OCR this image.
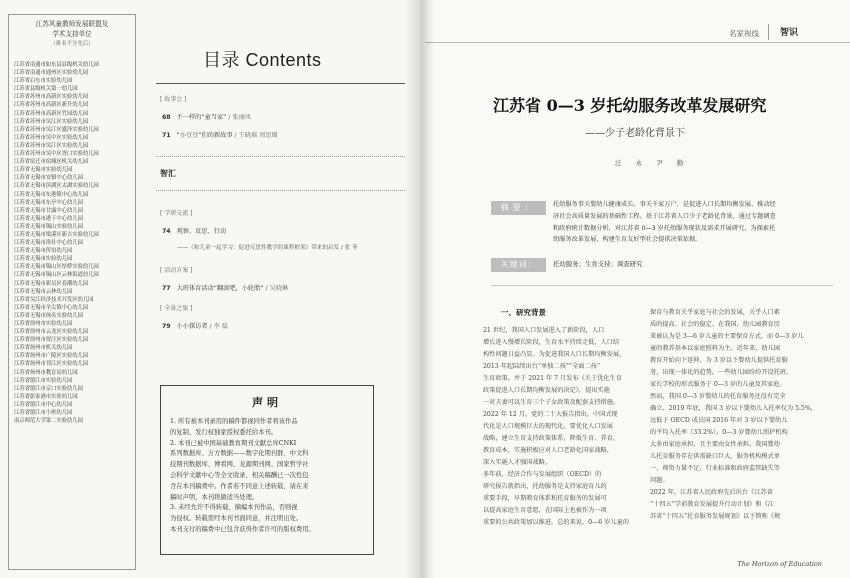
江苏风童教师发展联盟及
学术支持单位
（排名不分先后）
江苏省南通市如东县县级机关幼儿园
江苏省南通市通州区实验幼儿园
江苏省启东市实验幼儿园
江苏省县级机关第一幼儿园
江苏省苏州市高新区实验幼儿园
江苏省苏州市高新区新升幼儿园
江苏省苏州市高新区竹园幼儿园
江苏省苏州市吴江区实验幼儿园
江苏省苏州市吴江区盛泽实验幼儿园
江苏省苏州市吴中区实验幼儿园
江苏省苏州市吴江区实验幼儿园
江苏省苏州市吴中区胥口实验幼儿园
江苏省宿迁市宿城区机关幼儿园
江苏省无锡市实验幼儿园
江苏省无锡市安镇中心幼儿园
江苏省无锡市滨湖区太湖实验幼儿园
江苏省无锡市东港镇中心幼儿园
江苏省无锡市东亭中心幼儿园
江苏省无锡市甘露中心幼儿园
江苏省无锡市港下中心幼儿园
江苏省无锡市锡山实验幼儿园
江苏省无锡市梁溪区新吉实验幼儿园
江苏省无锡市洛社中心幼儿园
江苏省无锡市侨谊幼儿园
江苏省无锡市实验幼儿园
江苏省无锡市锡山区厚桥实验幼儿园
江苏省无锡市锡山区云林街道幼儿园
江苏省无锡市新吴区春潮幼儿园
江苏省无锡市云林幼儿园
江苏省吴江经济技术开发区幼儿园
江苏省无锡市羊尖镇中心幼儿园
江苏省无锡市扬名实验幼儿园
江苏省徐州市实验幼儿园
江苏省徐州市云龙区实验幼儿园
江苏省徐州市贾汪区实验幼儿园
江苏省扬州市机关幼儿园
江苏省扬州市广陵区实验幼儿园
江苏省扬州市邗江区实验幼儿园
江苏省扬州市教育局幼儿园
江苏省镇江市实验幼儿园
江苏省镇江市京口实验幼儿园
江苏省张家港市实验幼儿园
江苏省镇江市中心幼儿园
江苏省镇江市小班幼儿园
南京师范大学第二实验幼儿园
目录 Contents
[ 故事会 ]
68 不一样的“童当家” / 张丽凤
71 “小豆豆”们的新故事 / 王晓瑶 周思媛
智汇
[ 学研交流 ]
74 观察、反思、行动
——《和儿童一起学习：促进反思性教学的课程框架》带来的启发 / 张 菲
[ 活动方案 ]
77 大班体育活动“翻滚吧，小轮胎” / 吴晓琳
[ 全景之旅 ]
79 小小探访者 / 李 磊
声明

1. 所有被本刊录用的稿件都视同作者将该作品

的复制、发行权独家授权委托给本刊。

2. 本刊已被中国基础教育期刊文献总库CNKI

系列数据库、万方数据——数字化期刊群、中文科

技期刊数据库、博看网、龙源期刊网、国家哲学社

会科学文献中心等全文收录，相关稿酬已一次性包

含在本刊稿费中。作者若不同意上述转载，请在来

稿时声明，本刊将做适当处理。

3. 未经允许不得转载、摘编本刊作品，否则视

为侵权。转载需经本刊书面同意，并注明出处。

本刊支付的稿费中已包含获得作者许可的版权费用。

名家视线 智识
江苏省 0—3 岁托幼服务改革发展研究
——少子老龄化背景下
汪 永 尹 勤
摘要：	托幼服务事关婴幼儿健康成长、事关千家万户，是促进人口长期均衡发展、推动经

济社会高质量发展的基础性工程。基于江苏省人口少子老龄化背景，通过专题调查

和政府统计数据分析，对江苏省 0—3 岁托幼服务现状及需求开展研究，为探索托

幼服务改革发展、构建生育友好型社会提供决策依据。

关键词：	托幼服务；生育支持；调查研究
一、研究背景

21 世纪，我国人口发展进入了新阶段，人口

增长进入慢增长阶段，生育水平持续走低，人口结

构性问题日益凸显。为促进我国人口长期均衡发展，

2013 年起陆续出台“单独二孩”“全面二孩”

生育政策。并于 2021 年 7 月发布《关于优化生育

政策促进人口长期均衡发展的决定》，提出实施

一对夫妻可以生育三个子女政策及配套支持措施。

2022 年 12 月，党的二十大报告指出，中国式现

代化是人口规模巨大的现代化。要优化人口发展

战略，建立生育支持政策体系，降低生育、养育、

教育成本，实施积极应对人口老龄化国家战略，

深入实施人才强国战略。

多年前，经济合作与发展组织（OECD）的

研究报告就指出，托幼服务是支持家庭育儿的

重要手段，早期教育体系和托育服务的发展可

以提高家庭生育意愿，在国际上也被作为一项

重要的公共政策加以推进。总的来说，0—6 岁儿童的

保育与教育关乎家庭与社会的发展，关乎人口素

质的提高、社会的稳定。在我国，幼儿园教育历

来被认为是 3—6 岁儿童的主要保育方式，而 0—3 岁儿

童的教养基本以家庭照料为主。近年来，幼儿园

教育开始向下延伸，为 3 岁以下婴幼儿提供托育服

务，出现一体化的趋势，一些幼儿园纷纷开设托班。

家长学校的形式服务于 0—3 岁的儿童及其家庭。

然而，我国 0—3 岁婴幼儿的托育服务还没有完全

确立、2019 年底，我国 3 岁以下婴幼儿入托率仅为 5.5%，

远低于 OECD 成员国 2016 年对 3 岁以下婴幼儿

的平均入托率（33.2%）。0—3 岁婴幼儿照护机构

大多由家庭承担，且主要由女性承担。我国婴幼

儿托育服务存在供需缺口巨大、服务机构模式单

一、师资力量不足、行业标准和政府监管缺失等

问题。

2022 年，江苏省人民政府先后出台《江苏省

“十四五”学前教育发展提升行动计划》和《江

苏省“十四五”托育服务发展规划》以下简称《规

The Horizon of Education
